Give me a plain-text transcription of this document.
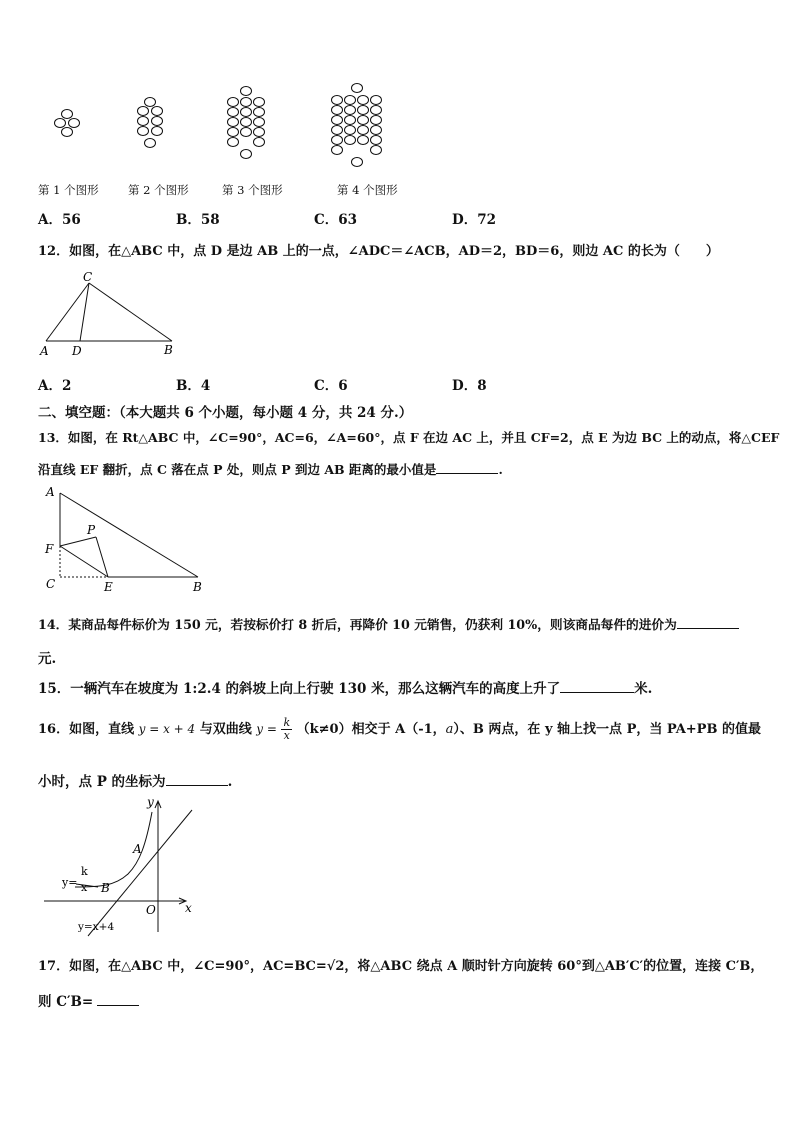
第 1 个图形	第 2 个图形	第 3 个图形	第 4 个图形
A．56	B．58	C．63	D．72
12．如图，在△ABC 中，点 D 是边 AB 上的一点，∠ADC＝∠ACB，AD＝2，BD＝6，则边 AC 的长为（　　）
C
A D	B
A．2	B．4	C．6	D．8
二、填空题：（本大题共 6 个小题，每小题 4 分，共 24 分.）
13．如图，在 Rt△ABC 中，∠C=90°，AC=6，∠A=60°，点 F 在边 AC 上，并且 CF=2，点 E 为边 BC 上的动点，将△CEF
沿直线 EF 翻折，点 C 落在点 P 处，则点 P 到边 AB 距离的最小值是	.
A
P
F
C	E	B
14．某商品每件标价为 150 元，若按标价打 8 折后，再降价 10 元销售，仍获利 10%，则该商品每件的进价为
元.
15．一辆汽车在坡度为 1:2.4 的斜坡上向上行驶 130 米，那么这辆汽车的高度上升了	米.
16．如图，直线 y = x + 4 与双曲线 $y = \frac{k}{x} (k\ne 0)$相交于 A（-1，a）、B 两点，在 y 轴上找一点 P，当 PA+PB 的值最
小时，点 P 的坐标为	.
y
x
O
A
B
y=
k
x
y=x+4
17．如图，在△ABC 中，∠C=90°，AC=BC=√2，将△ABC 绕点 A 顺时针方向旋转 60°到△AB′C′的位置，连接 C′B，
则 C′B=
